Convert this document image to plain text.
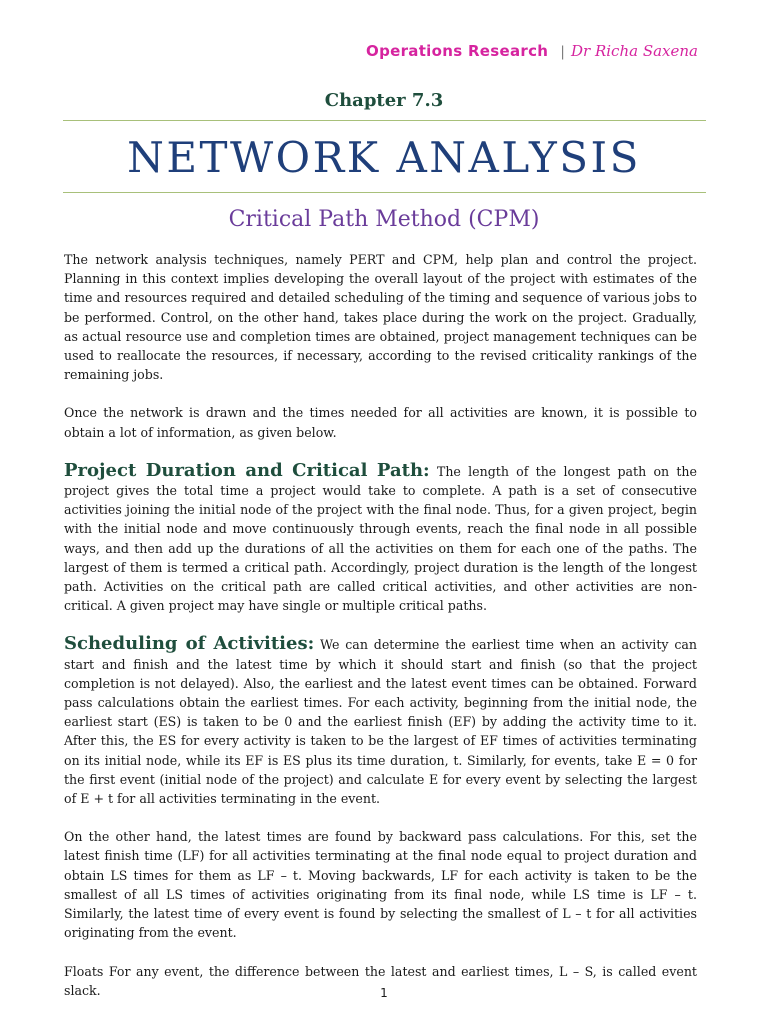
Operations Research | Dr Richa Saxena
Chapter 7.3
NETWORK ANALYSIS
Critical Path Method (CPM)

The network analysis techniques, namely PERT and CPM, help plan and control the project. Planning in this context implies developing the overall layout of the project with estimates of the time and resources required and detailed scheduling of the timing and sequence of various jobs to be performed. Control, on the other hand, takes place during the work on the project. Gradually, as actual resource use and completion times are obtained, project management techniques can be used to reallocate the resources, if necessary, according to the revised criticality rankings of the remaining jobs.

Once the network is drawn and the times needed for all activities are known, it is possible to obtain a lot of information, as given below.

Project Duration and Critical Path: The length of the longest path on the project gives the total time a project would take to complete. A path is a set of consecutive activities joining the initial node of the project with the final node. Thus, for a given project, begin with the initial node and move continuously through events, reach the final node in all possible ways, and then add up the durations of all the activities on them for each one of the paths. The largest of them is termed a critical path. Accordingly, project duration is the length of the longest path. Activities on the critical path are called critical activities, and other activities are non-critical. A given project may have single or multiple critical paths.

Scheduling of Activities: We can determine the earliest time when an activity can start and finish and the latest time by which it should start and finish (so that the project completion is not delayed). Also, the earliest and the latest event times can be obtained. Forward pass calculations obtain the earliest times. For each activity, beginning from the initial node, the earliest start (ES) is taken to be 0 and the earliest finish (EF) by adding the activity time to it. After this, the ES for every activity is taken to be the largest of EF times of activities terminating on its initial node, while its EF is ES plus its time duration, t. Similarly, for events, take E = 0 for the first event (initial node of the project) and calculate E for every event by selecting the largest of E + t for all activities terminating in the event.

On the other hand, the latest times are found by backward pass calculations. For this, set the latest finish time (LF) for all activities terminating at the final node equal to project duration and obtain LS times for them as LF – t. Moving backwards, LF for each activity is taken to be the smallest of all LS times of activities originating from its final node, while LS time is LF – t. Similarly, the latest time of every event is found by selecting the smallest of L – t for all activities originating from the event.

Floats For any event, the difference between the latest and earliest times, L – S, is called event slack.	1
